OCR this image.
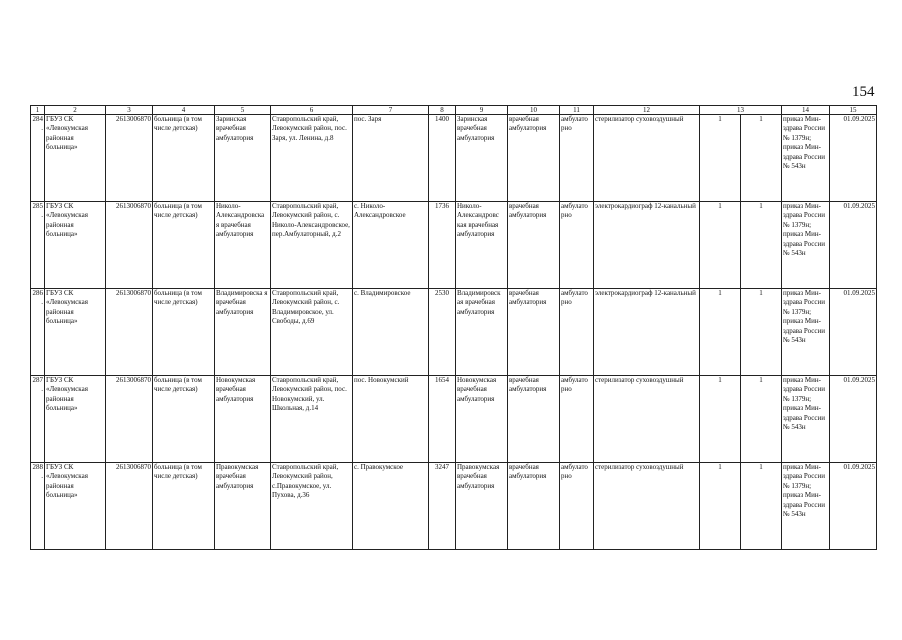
154
1	2	3	4	5	6	7	8	9	10	11	12	13		14	15
284.	ГБУЗ СК «Левокумская районная больница»	2613006870	больница (в том числе детская)	Заринская врачебная амбулатория	Ставропольский край, Левокумский район, пос. Заря, ул. Ленина, д.8	пос. Заря	1400	Заринская врачебная амбулатория	врачебная амбулатория	амбулато рно	стерилизатор суховоздушный	1	1	приказ Мин-здрава России № 1379н; приказ Мин-здрава России № 543н	01.09.2025
285.	ГБУЗ СК «Левокумская районная больница»	2613006870	больница (в том числе детская)	Николо-Александровска я врачебная амбулатория	Ставропольский край, Левокумский район, с. Николо-Александровское, пер.Амбулаторный, д.2	с. Николо-Александровское	1736	Николо-Александровс кая врачебная амбулатория	врачебная амбулатория	амбулато рно	электрокардиограф 12-канальный	1	1	приказ Мин-здрава России № 1379н; приказ Мин-здрава России № 543н	01.09.2025
286.	ГБУЗ СК «Левокумская районная больница»	2613006870	больница (в том числе детская)	Владимировска я врачебная амбулатория	Ставропольский край, Левокумский район, с. Владимировское, ул. Свободы, д.69	с. Владимировское	2530	Владимировск ая врачебная амбулатория	врачебная амбулатория	амбулато рно	электрокардиограф 12-канальный	1	1	приказ Мин-здрава России № 1379н; приказ Мин-здрава России № 543н	01.09.2025
287.	ГБУЗ СК «Левокумская районная больница»	2613006870	больница (в том числе детская)	Новокумская врачебная амбулатория	Ставропольский край, Левокумский район, пос. Новокумский, ул. Школьная, д.14	пос. Новокумский	1654	Новокумская врачебная амбулатория	врачебная амбулатория	амбулато рно	стерилизатор суховоздушный	1	1	приказ Мин-здрава России № 1379н; приказ Мин-здрава России № 543н	01.09.2025
288.	ГБУЗ СК «Левокумская районная больница»	2613006870	больница (в том числе детская)	Правокумская врачебная амбулатория	Ставропольский край, Левокумский район, с.Правокумское, ул. Пухова, д.36	с. Правокумское	3247	Правокумская врачебная амбулатория	врачебная амбулатория	амбулато рно	стерилизатор суховоздушный	1	1	приказ Мин-здрава России № 1379н; приказ Мин-здрава России № 543н	01.09.2025
